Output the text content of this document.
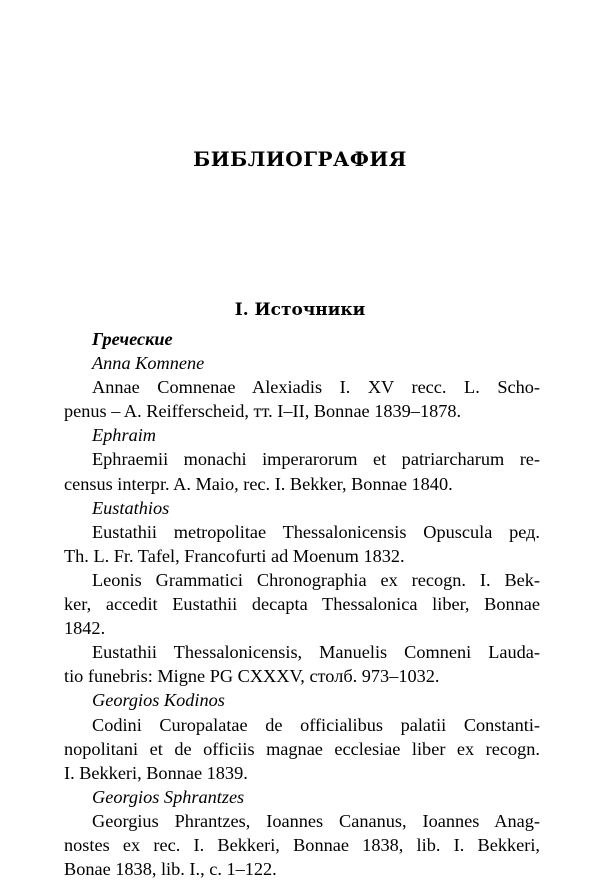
БИБЛИОГРАФИЯ
I. Источники
Греческие
Anna Komnene
Annae Comnenae Alexiadis I. XV recc. L. Scho-
penus – A. Reifferscheid, тт. I–II, Bonnae 1839–1878.
Ephraim
Ephraemii monachi imperarorum et patriarcharum re-
census interpr. A. Maio, rec. I. Bekker, Bonnae 1840.
Eustathios
Eustathii metropolitae Thessalonicensis Opuscula ред.
Th. L. Fr. Tafel, Francofurti ad Moenum 1832.
Leonis Grammatici Chronographia ex recogn. I. Bek-
ker, accedit Eustathii decapta Thessalonica liber, Bonnae
1842.
Eustathii Thessalonicensis, Manuelis Comneni Lauda-
tio funebris: Migne PG CXXXV, столб. 973–1032.
Georgios Kodinos
Codini Curopalatae de officialibus palatii Constanti-
nopolitani et de officiis magnae ecclesiae liber ex recogn.
I. Bekkeri, Bonnae 1839.
Georgios Sphrantzes
Georgius Phrantzes, Ioannes Cananus, Ioannes Anag-
nostes ex rec. I. Bekkeri, Bonnae 1838, lib. I. Bekkeri,
Bonae 1838, lib. I., c. 1–122.
